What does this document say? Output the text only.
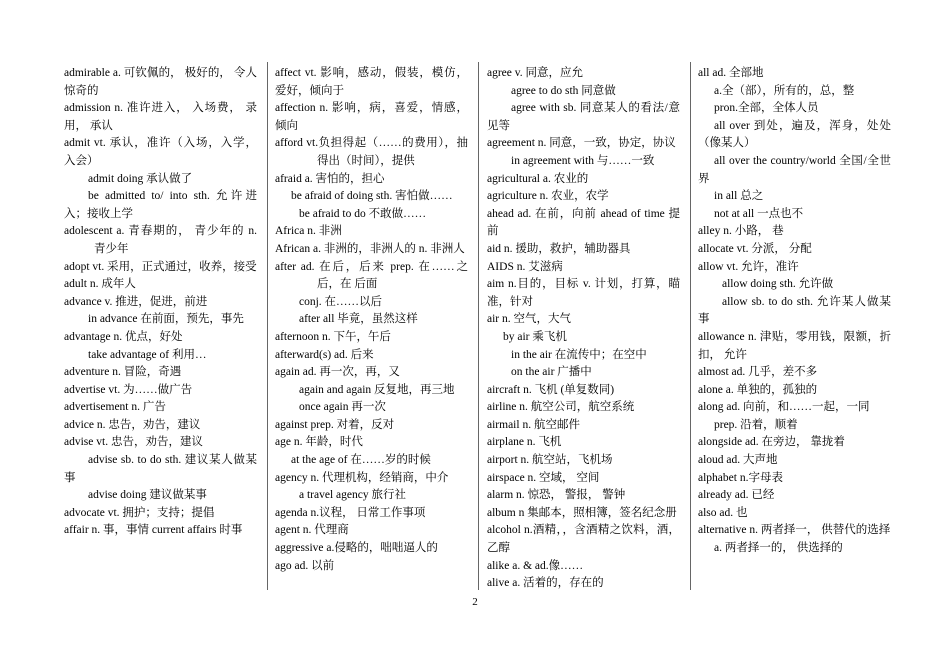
admirable a. 可钦佩的， 极好的， 令人惊奇的

admission n. 准许进入， 入场费， 录用， 承认

admit vt. 承认，准许（入场，入学，入会）

admit doing 承认做了

be admitted to/ into sth. 允许进入；接收上学

adolescent a. 青春期的， 青少年的 n. 青少年

adopt vt. 采用，正式通过，收养，接受

adult n. 成年人

advance v. 推进，促进，前进

in advance 在前面，预先，事先

advantage n. 优点，好处

take advantage of 利用…

adventure n. 冒险，奇遇

advertise vt. 为……做广告

advertisement n. 广告

advice n. 忠告，劝告，建议

advise vt. 忠告，劝告，建议

advise sb. to do sth. 建议某人做某事

advise doing 建议做某事

advocate vt. 拥护；支持；提倡

affair n. 事，事情 current affairs 时事

affect vt. 影响，感动，假装，模仿，爱好，倾向于

affection n. 影响，病，喜爱，情感，倾向

afford vt.负担得起（……的费用），抽得出（时间），提供

afraid a. 害怕的，担心

be afraid of doing sth. 害怕做……

be afraid to do 不敢做……

Africa n. 非洲

African a. 非洲的，非洲人的 n. 非洲人

after ad. 在后，后来 prep. 在……之后，在 后面

conj. 在……以后

after all 毕竟，虽然这样

afternoon n. 下午，午后

afterward(s) ad. 后来

again ad. 再一次，再，又

again and again 反复地，再三地

once again 再一次

against prep. 对着，反对

age n. 年龄，时代

at the age of 在……岁的时候

agency n. 代理机构，经销商，中介

a travel agency 旅行社

agenda n.议程， 日常工作事项

agent n. 代理商

aggressive a.侵略的，咄咄逼人的

ago ad. 以前

agree v. 同意，应允

agree to do sth 同意做

agree with sb. 同意某人的看法/意见等

agreement n. 同意，一致，协定，协议

in agreement with 与……一致

agricultural a. 农业的

agriculture n. 农业，农学

ahead ad. 在前，向前 ahead of time 提前

aid n. 援助，救护，辅助器具

AIDS n. 艾滋病

aim n.目的，目标 v. 计划，打算，瞄准，针对

air n. 空气，大气

by air 乘飞机

in the air 在流传中；在空中

on the air 广播中

aircraft n. 飞机 (单复数同)

airline n. 航空公司，航空系统

airmail n. 航空邮件

airplane n. 飞机

airport n. 航空站，飞机场

airspace n. 空域， 空间

alarm n. 惊恐， 警报， 警钟

album n 集邮本，照相簿，签名纪念册

alcohol n.酒精，，含酒精之饮料，酒，乙醇

alike a. & ad.像……

alive a. 活着的，存在的

all ad. 全部地

a.全（部），所有的，总，整

pron.全部，全体人员

all over 到处，遍及，浑身，处处（像某人）

all over the country/world 全国/全世界

in all 总之

not at all 一点也不

alley n. 小路， 巷

allocate vt. 分派， 分配

allow vt. 允许，准许

allow doing sth. 允许做

allow sb. to do sth. 允许某人做某事

allowance n. 津贴，零用钱，限额，折扣， 允许

almost ad. 几乎，差不多

alone a. 单独的，孤独的

along ad. 向前，和……一起，一同

prep. 沿着，顺着

alongside ad. 在旁边， 靠拢着

aloud ad. 大声地

alphabet n.字母表

already ad. 已经

also ad. 也

alternative n. 两者择一， 供替代的选择

a. 两者择一的， 供选择的

2
